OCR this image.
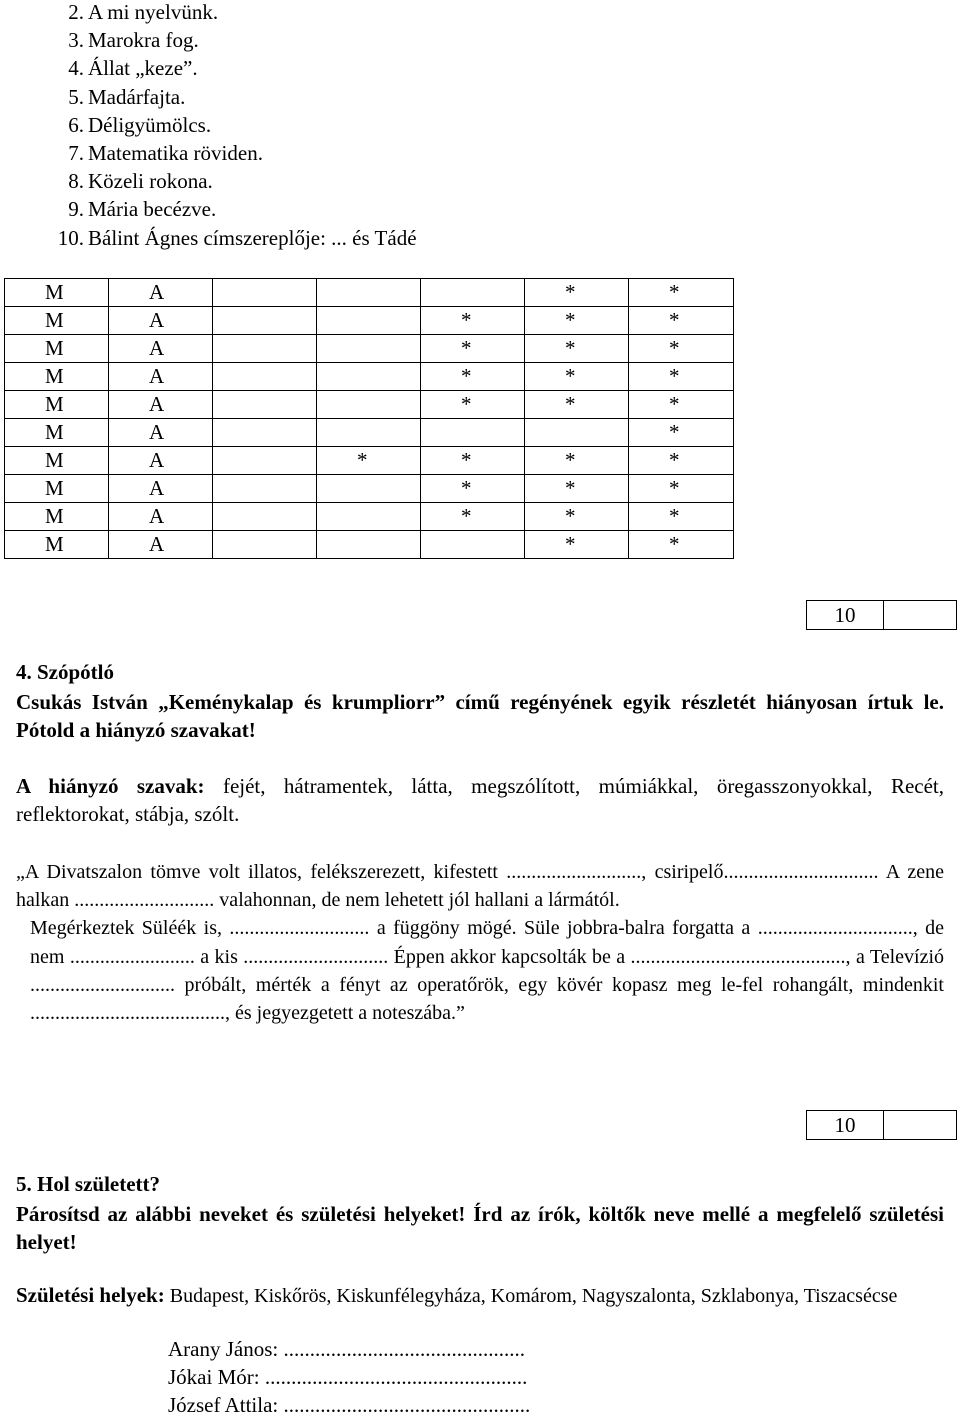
2. A mi nyelvünk.
3. Marokra fog.
4. Állat „keze”.
5. Madárfajta.
6. Déligyümölcs.
7. Matematika röviden.
8. Közeli rokona.
9. Mária becézve.
10. Bálint Ágnes címszereplője: ... és Tádé
M	A				*	*
M	A			*	*	*
M	A			*	*	*
M	A			*	*	*
M	A			*	*	*
M	A					*
M	A		*	*	*	*
M	A			*	*	*
M	A			*	*	*
M	A				*	*
10
4. Szópótló
Csukás István „Keménykalap és krumpliorr” című regényének egyik részletét hiányosan írtuk le. Pótold a hiányzó szavakat!
A hiányzó szavak: fejét, hátramentek, látta, megszólított, múmiákkal, öregasszonyokkal, Recét, reflektorokat, stábja, szólt.

„A Divatszalon tömve volt illatos, felékszerezett, kifestett ..........................., csiripelő............................... A zene halkan ............................ valahonnan, de nem lehetett jól hallani a lármától.

Megérkeztek Süléék is, ............................ a függöny mögé. Süle jobbra-balra forgatta a ..............................., de nem ......................... a kis ............................. Éppen akkor kapcsolták be a ..........................................., a Televízió ............................. próbált, mérték a fényt az operatőrök, egy kövér kopasz meg le-fel rohangált, mindenkit ......................................., és jegyezgetett a noteszába.”

10
5. Hol született?
Párosítsd az alábbi neveket és születési helyeket! Írd az írók, költők neve mellé a megfelelő születési helyet!
Születési helyek: Budapest, Kiskőrös, Kiskunfélegyháza, Komárom, Nagyszalonta, Szklabonya, Tiszacsécse
Arany János: ..............................................
Jókai Mór: ..................................................
József Attila: ...............................................
